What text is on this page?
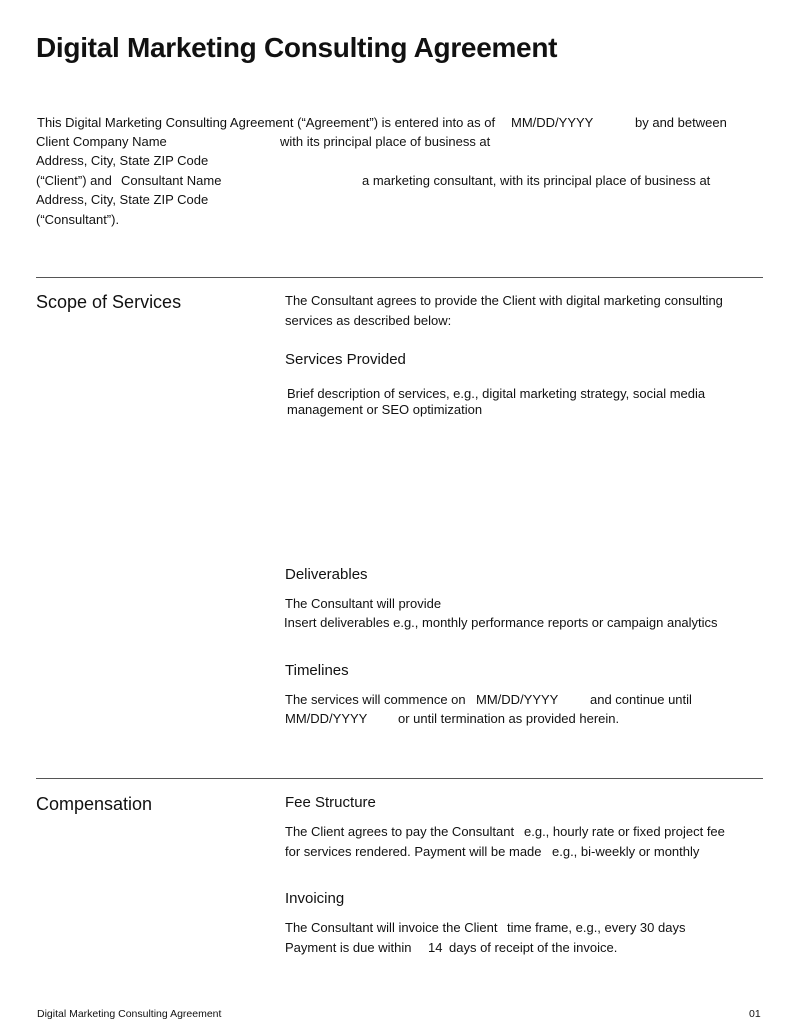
Digital Marketing Consulting Agreement
This Digital Marketing Consulting Agreement (“Agreement”) is entered into as of MM/DD/YYYY	by and between
Client Company Name	with its principal place of business at
Address, City, State ZIP Code
(“Client”) and Consultant Name	a marketing consultant, with its principal place of business at
Address, City, State ZIP Code
(“Consultant”).
Scope of Services	The Consultant agrees to provide the Client with digital marketing consulting
services as described below:
Services Provided
Brief description of services, e.g., digital marketing strategy, social media
management or SEO optimization
Deliverables
The Consultant will provide
Insert deliverables e.g., monthly performance reports or campaign analytics
Timelines
The services will commence on MM/DD/YYYY and continue until
MM/DD/YYYY or until termination as provided herein.
Compensation	Fee Structure
The Client agrees to pay the Consultant e.g., hourly rate or fixed project fee
for services rendered. Payment will be made e.g., bi-weekly or monthly
Invoicing
The Consultant will invoice the Client time frame, e.g., every 30 days
Payment is due within 14 days of receipt of the invoice.
Digital Marketing Consulting Agreement	01
